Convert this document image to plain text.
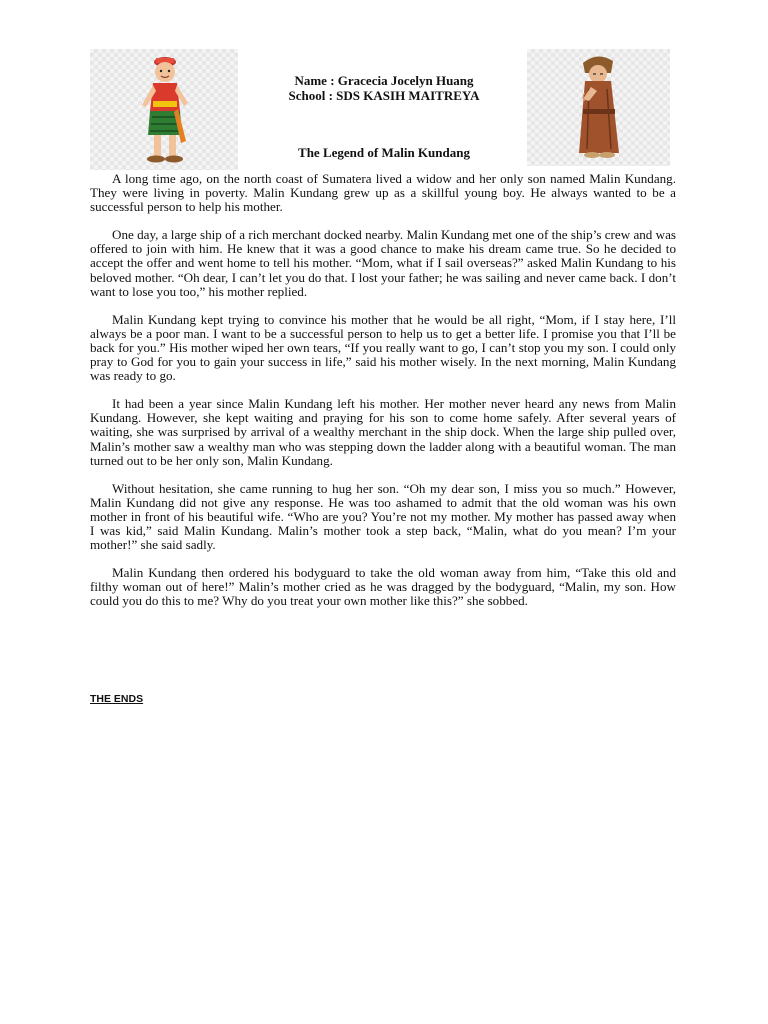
Name : Gracecia Jocelyn Huang
School : SDS KASIH MAITREYA
The Legend of Malin Kundang

A long time ago, on the north coast of Sumatera lived a widow and her only son named Malin Kundang. They were living in poverty. Malin Kundang grew up as a skillful young boy. He always wanted to be a successful person to help his mother.

One day, a large ship of a rich merchant docked nearby. Malin Kundang met one of the ship’s crew and was offered to join with him. He knew that it was a good chance to make his dream came true. So he decided to accept the offer and went home to tell his mother. “Mom, what if I sail overseas?” asked Malin Kundang to his beloved mother. “Oh dear, I can’t let you do that. I lost your father; he was sailing and never came back. I don’t want to lose you too,” his mother replied.

Malin Kundang kept trying to convince his mother that he would be all right, “Mom, if I stay here, I’ll always be a poor man. I want to be a successful person to help us to get a better life. I promise you that I’ll be back for you.” His mother wiped her own tears, “If you really want to go, I can’t stop you my son. I could only pray to God for you to gain your success in life,” said his mother wisely. In the next morning, Malin Kundang was ready to go.

It had been a year since Malin Kundang left his mother. Her mother never heard any news from Malin Kundang. However, she kept waiting and praying for his son to come home safely. After several years of waiting, she was surprised by arrival of a wealthy merchant in the ship dock. When the large ship pulled over, Malin’s mother saw a wealthy man who was stepping down the ladder along with a beautiful woman. The man turned out to be her only son, Malin Kundang.

Without hesitation, she came running to hug her son. “Oh my dear son, I miss you so much.” However, Malin Kundang did not give any response. He was too ashamed to admit that the old woman was his own mother in front of his beautiful wife. “Who are you? You’re not my mother. My mother has passed away when I was kid,” said Malin Kundang. Malin’s mother took a step back, “Malin, what do you mean? I’m your mother!” she said sadly.

Malin Kundang then ordered his bodyguard to take the old woman away from him, “Take this old and filthy woman out of here!” Malin’s mother cried as he was dragged by the bodyguard, “Malin, my son. How could you do this to me? Why do you treat your own mother like this?” she sobbed.

THE ENDS
